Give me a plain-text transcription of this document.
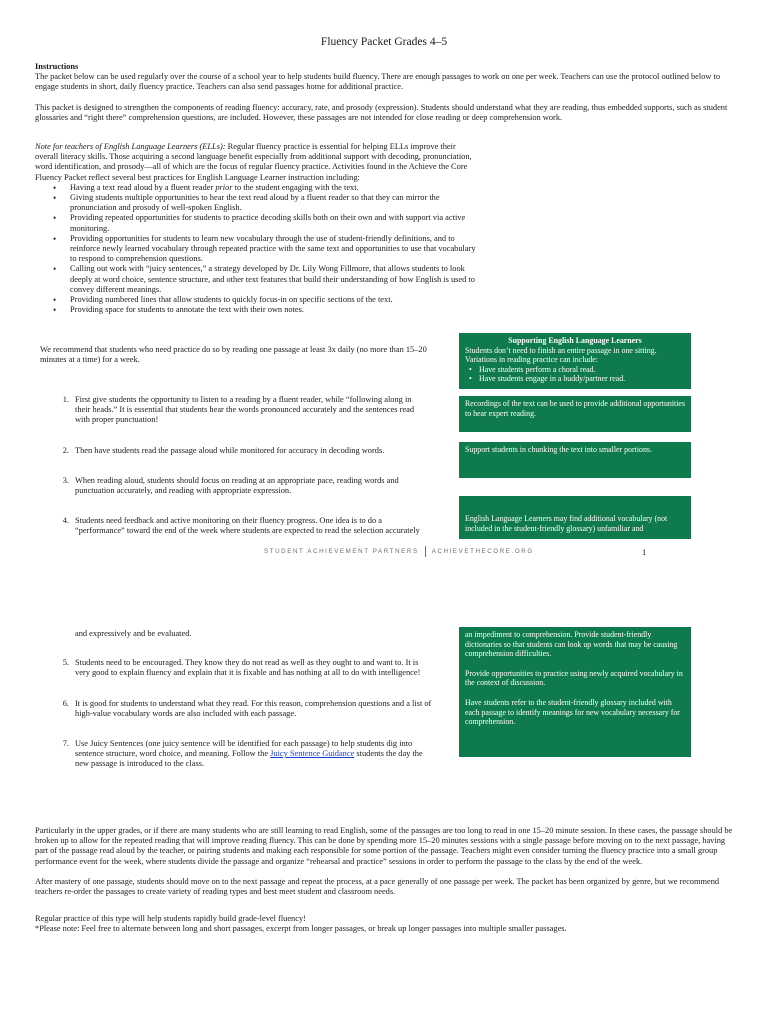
Fluency Packet Grades 4–5
Instructions
The packet below can be used regularly over the course of a school year to help students build fluency. There are enough passages to work on one per week. Teachers can use the protocol outlined below to engage students in short, daily fluency practice. Teachers can also send passages home for additional practice.
This packet is designed to strengthen the components of reading fluency: accuracy, rate, and prosody (expression). Students should understand what they are reading, thus embedded supports, such as student glossaries and “right there” comprehension questions, are included. However, these passages are not intended for close reading or deep comprehension work.
Note for teachers of English Language Learners (ELLs): Regular fluency practice is essential for helping ELLs improve their overall literacy skills. Those acquiring a second language benefit especially from additional support with decoding, pronunciation, word identification, and prosody—all of which are the focus of regular fluency practice. Activities found in the Achieve the Core Fluency Packet reflect several best practices for English Language Learner instruction including:
• Having a text read aloud by a fluent reader prior to the student engaging with the text.
• Giving students multiple opportunities to hear the text read aloud by a fluent reader so that they can mirror the pronunciation and prosody of well-spoken English.
• Providing repeated opportunities for students to practice decoding skills both on their own and with support via active monitoring.
• Providing opportunities for students to learn new vocabulary through the use of student-friendly definitions, and to reinforce newly learned vocabulary through repeated practice with the same text and opportunities to use that vocabulary to respond to comprehension questions.
• Calling out work with “juicy sentences,” a strategy developed by Dr. Lily Wong Fillmore, that allows students to look deeply at word choice, sentence structure, and other text features that build their understanding of how English is used to convey different meanings.
• Providing numbered lines that allow students to quickly focus-in on specific sections of the text.
• Providing space for students to annotate the text with their own notes.
We recommend that students who need practice do so by reading one passage at least 3x daily (no more than 15–20 minutes at a time) for a week.
1. First give students the opportunity to listen to a reading by a fluent reader, while “following along in their heads.” It is essential that students hear the words pronounced accurately and the sentences read with proper punctuation!
2. Then have students read the passage aloud while monitored for accuracy in decoding words.
3. When reading aloud, students should focus on reading at an appropriate pace, reading words and punctuation accurately, and reading with appropriate expression.
4. Students need feedback and active monitoring on their fluency progress. One idea is to do a “performance” toward the end of the week where students are expected to read the selection accurately
Supporting English Language Learners
Students don’t need to finish an entire passage in one sitting. Variations in reading practice can include:
• Have students perform a choral read.
• Have students engage in a buddy/partner read.
Recordings of the text can be used to provide additional opportunities to hear expert reading.
Support students in chunking the text into smaller portions.
English Language Learners may find additional vocabulary (not included in the student-friendly glossary) unfamiliar and
STUDENT ACHIEVEMENT PARTNERS ACHIEVETHECORE.ORG	1
and expressively and be evaluated.
5. Students need to be encouraged. They know they do not read as well as they ought to and want to. It is very good to explain fluency and explain that it is fixable and has nothing at all to do with intelligence!
6. It is good for students to understand what they read. For this reason, comprehension questions and a list of high-value vocabulary words are also included with each passage.
7. Use Juicy Sentences (one juicy sentence will be identified for each passage) to help students dig into sentence structure, word choice, and meaning. Follow the Juicy Sentence Guidance students the day the new passage is introduced to the class.
an impediment to comprehension. Provide student-friendly dictionaries so that students can look up words that may be causing comprehension difficulties.
Provide opportunities to practice using newly acquired vocabulary in the context of discussion.
Have students refer to the student-friendly glossary included with each passage to identify meanings for new vocabulary necessary for comprehension.
Particularly in the upper grades, or if there are many students who are still learning to read English, some of the passages are too long to read in one 15–20 minute session. In these cases, the passage should be broken up to allow for the repeated reading that will improve reading fluency. This can be done by spending more 15–20 minutes sessions with a single passage before moving on to the next passage, having part of the passage read aloud by the teacher, or pairing students and making each responsible for some portion of the passage. Teachers might even consider turning the fluency practice into a small group performance event for the week, where students divide the passage and organize “rehearsal and practice” sessions in order to perform the passage to the class by the end of the week.
After mastery of one passage, students should move on to the next passage and repeat the process, at a pace generally of one passage per week. The packet has been organized by genre, but we recommend teachers re-order the passages to create variety of reading types and best meet student and classroom needs.
Regular practice of this type will help students rapidly build grade-level fluency!
*Please note: Feel free to alternate between long and short passages, excerpt from longer passages, or break up longer passages into multiple smaller passages.
